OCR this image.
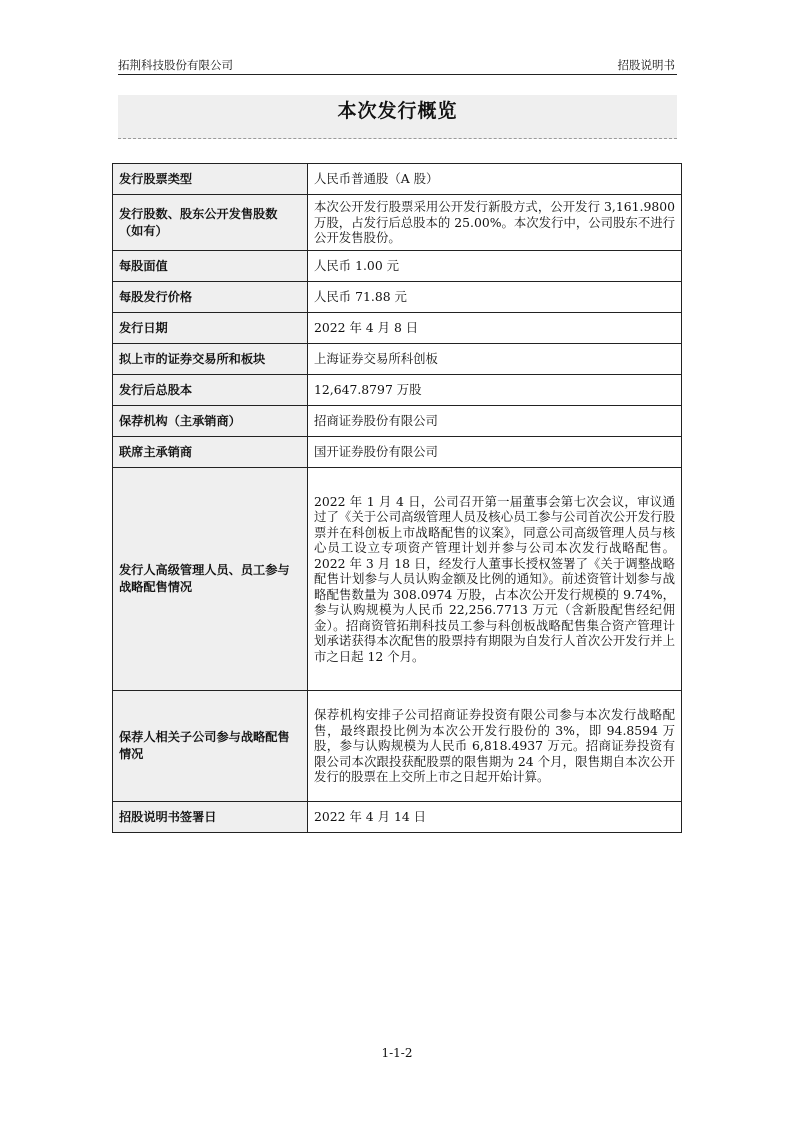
拓荆科技股份有限公司	招股说明书
本次发行概览
发行股票类型	人民币普通股（A 股）
发行股数、股东公开发售股数（如有）	本次公开发行股票采用公开发行新股方式，公开发行 3,161.9800 万股，占发行后总股本的 25.00%。本次发行中，公司股东不进行公开发售股份。
每股面值	人民币 1.00 元
每股发行价格	人民币 71.88 元
发行日期	2022 年 4 月 8 日
拟上市的证券交易所和板块	上海证券交易所科创板
发行后总股本	12,647.8797 万股
保荐机构（主承销商）	招商证券股份有限公司
联席主承销商	国开证券股份有限公司
发行人高级管理人员、员工参与战略配售情况	2022 年 1 月 4 日，公司召开第一届董事会第七次会议，审议通过了《关于公司高级管理人员及核心员工参与公司首次公开发行股票并在科创板上市战略配售的议案》，同意公司高级管理人员与核心员工设立专项资产管理计划并参与公司本次发行战略配售。2022 年 3 月 18 日，经发行人董事长授权签署了《关于调整战略配售计划参与人员认购金额及比例的通知》。前述资管计划参与战略配售数量为 308.0974 万股，占本次公开发行规模的 9.74%，参与认购规模为人民币 22,256.7713 万元（含新股配售经纪佣金）。招商资管拓荆科技员工参与科创板战略配售集合资产管理计划承诺获得本次配售的股票持有期限为自发行人首次公开发行并上市之日起 12 个月。
保荐人相关子公司参与战略配售情况	保荐机构安排子公司招商证券投资有限公司参与本次发行战略配售，最终跟投比例为本次公开发行股份的 3%，即 94.8594 万股，参与认购规模为人民币 6,818.4937 万元。招商证券投资有限公司本次跟投获配股票的限售期为 24 个月，限售期自本次公开发行的股票在上交所上市之日起开始计算。
招股说明书签署日	2022 年 4 月 14 日
1-1-2
